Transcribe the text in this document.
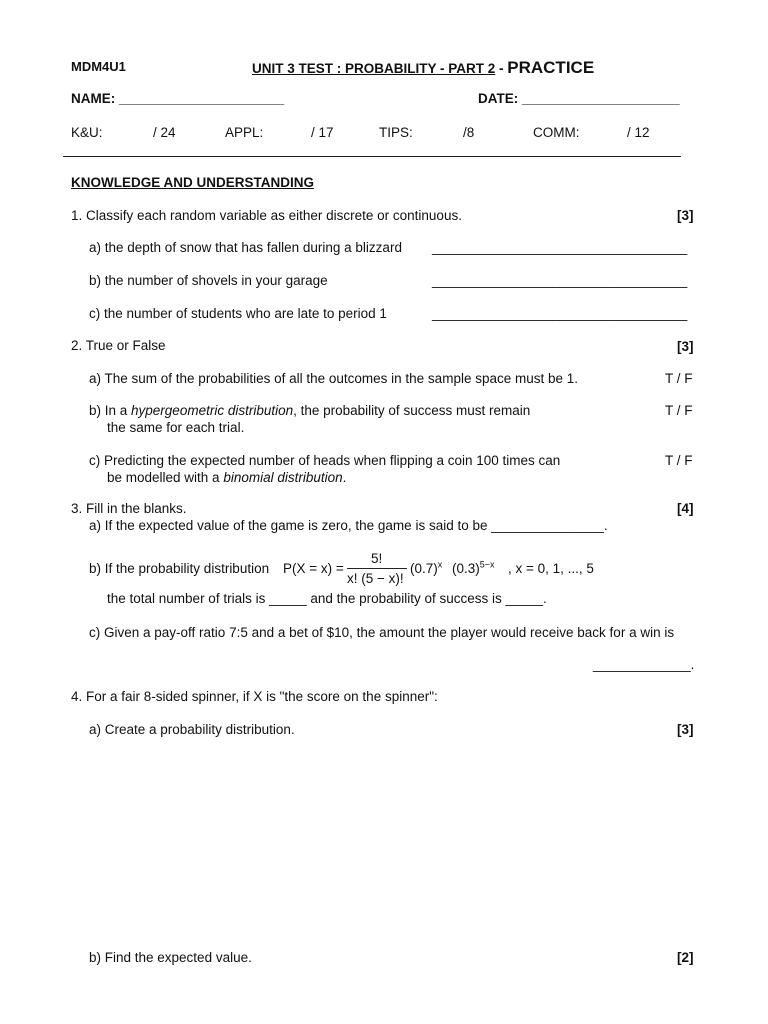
MDM4U1	UNIT 3 TEST : PROBABILITY - PART 2 - PRACTICE
NAME: ______________________	DATE: _____________________
K&U:	/ 24	APPL:	/ 17	TIPS:	/8	COMM:	/ 12
KNOWLEDGE AND UNDERSTANDING
1. Classify each random variable as either discrete or continuous.	[3]
a) the depth of snow that has fallen during a blizzard __________________________________
b) the number of shovels in your garage	__________________________________
c) the number of students who are late to period 1	__________________________________
2. True or False	[3]
a) The sum of the probabilities of all the outcomes in the sample space must be 1.	T / F
b) In a hypergeometric distribution, the probability of success must remain
the same for each trial.
T / F
c) Predicting the expected number of heads when flipping a coin 100 times can
be modelled with a binomial distribution.
T / F
3. Fill in the blanks.	[4]
a) If the expected value of the game is zero, the game is said to be _______________.
b) If the probability distribution P(X = x) =
5!
x! (5 − x)!
$(0.7)^x$ $(0.3)^{5-x}$ , x = 0, 1, ..., 5
the total number of trials is _____ and the probability of success is _____.
c) Given a pay-off ratio 7:5 and a bet of $10, the amount the player would receive back for a win is
_____________.
4. For a fair 8-sided spinner, if X is "the score on the spinner":
a) Create a probability distribution.	[3]
b) Find the expected value.	[2]
